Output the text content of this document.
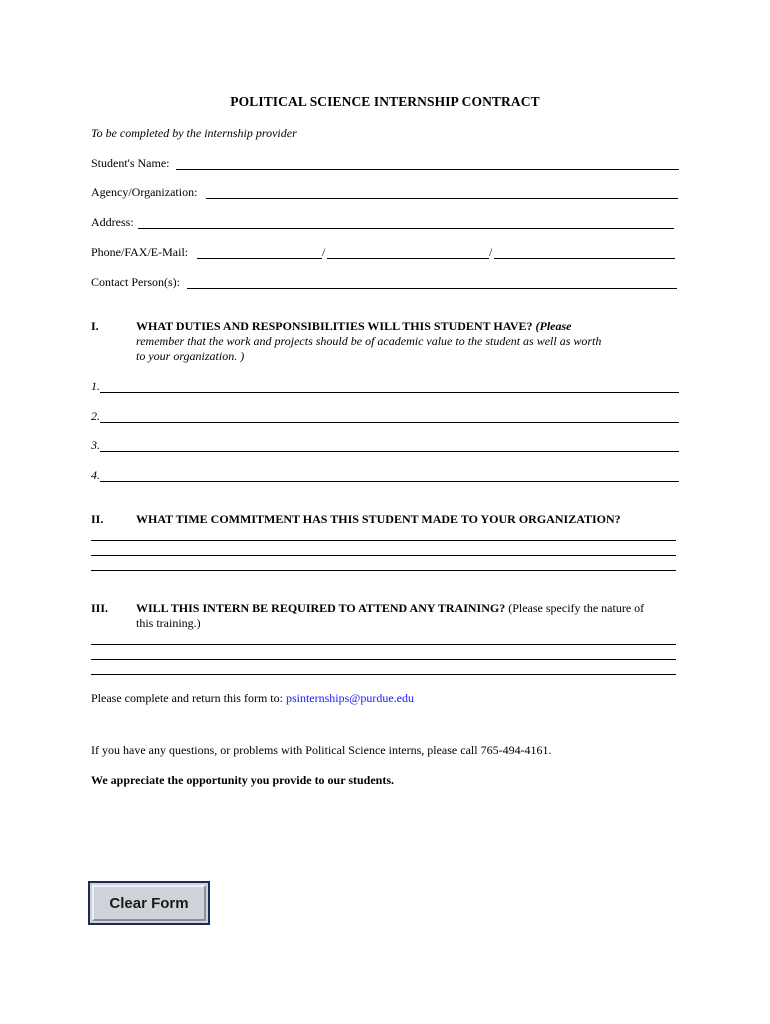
POLITICAL SCIENCE INTERNSHIP CONTRACT
To be completed by the internship provider
Student's Name:
Agency/Organization:
Address:
Phone/FAX/E-Mail:	/	/
Contact Person(s):
I.	WHAT DUTIES AND RESPONSIBILITIES WILL THIS STUDENT HAVE? (Please
remember that the work and projects should be of academic value to the student as well as worth
to your organization. )
1.
2.
3.
4.
II.	WHAT TIME COMMITMENT HAS THIS STUDENT MADE TO YOUR ORGANIZATION?
III. WILL THIS INTERN BE REQUIRED TO ATTEND ANY TRAINING? (Please specify the nature of
this training.)
Please complete and return this form to: psinternships@purdue.edu
If you have any questions, or problems with Political Science interns, please call 765-494-4161.
We appreciate the opportunity you provide to our students.
Clear Form
